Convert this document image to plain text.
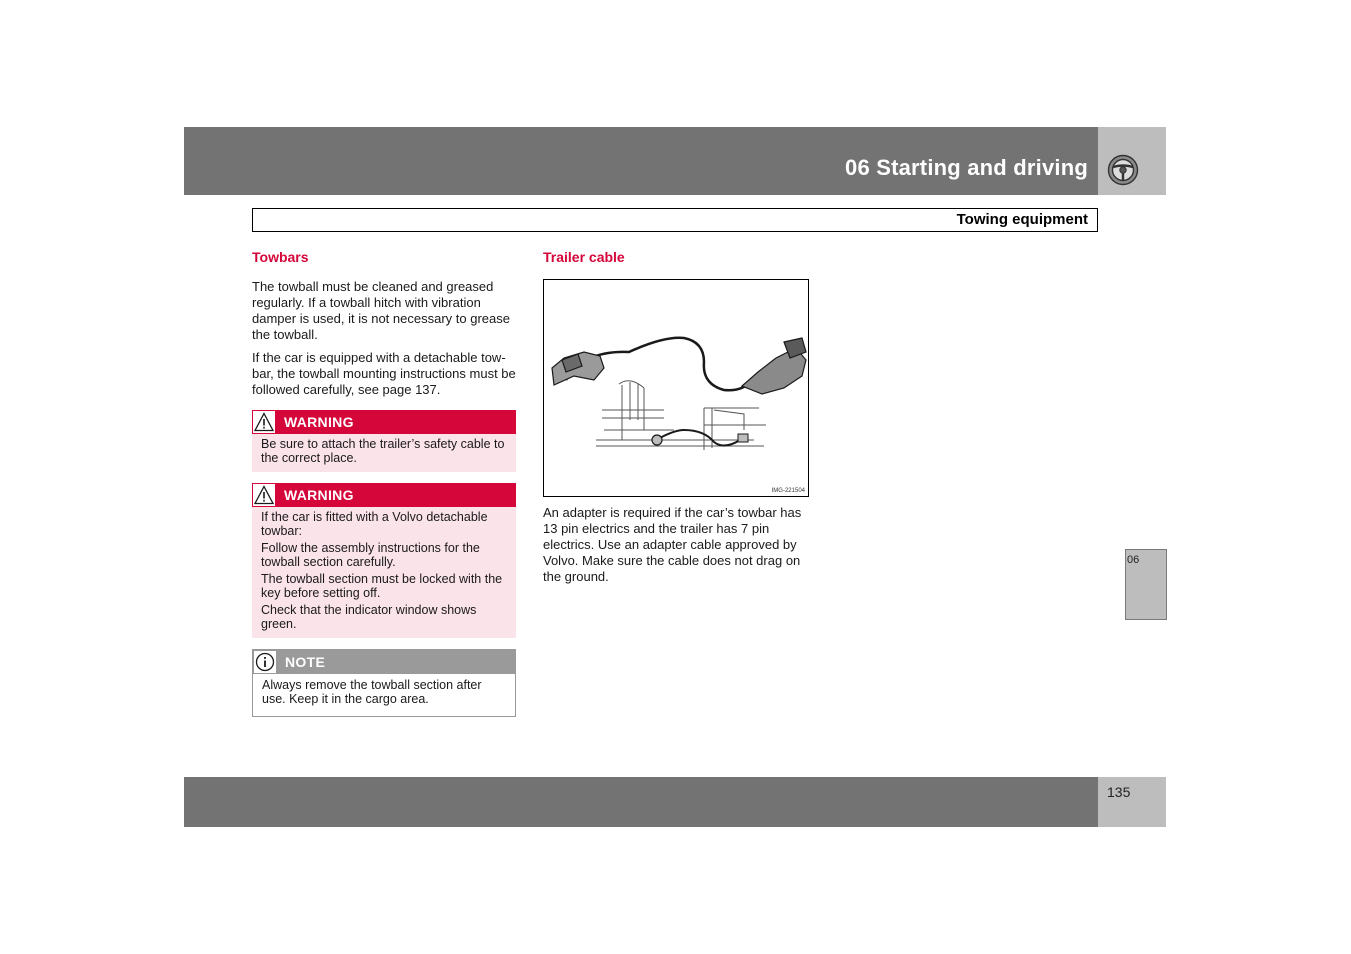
06 Starting and driving
Towing equipment
Towbars

The towball must be cleaned and greased regularly. If a towball hitch with vibration damper is used, it is not necessary to grease the towball.

If the car is equipped with a detachable tow-bar, the towball mounting instructions must be followed carefully, see page 137.

WARNING

Be sure to attach the trailer’s safety cable to the correct place.

WARNING

If the car is fitted with a Volvo detachable towbar:

Follow the assembly instructions for the towball section carefully.

The towball section must be locked with the key before setting off.

Check that the indicator window shows green.

NOTE

Always remove the towball section after use. Keep it in the cargo area.

Trailer cable
IMG-221504

An adapter is required if the car’s towbar has 13 pin electrics and the trailer has 7 pin electrics. Use an adapter cable approved by Volvo. Make sure the cable does not drag on the ground.

06
135
